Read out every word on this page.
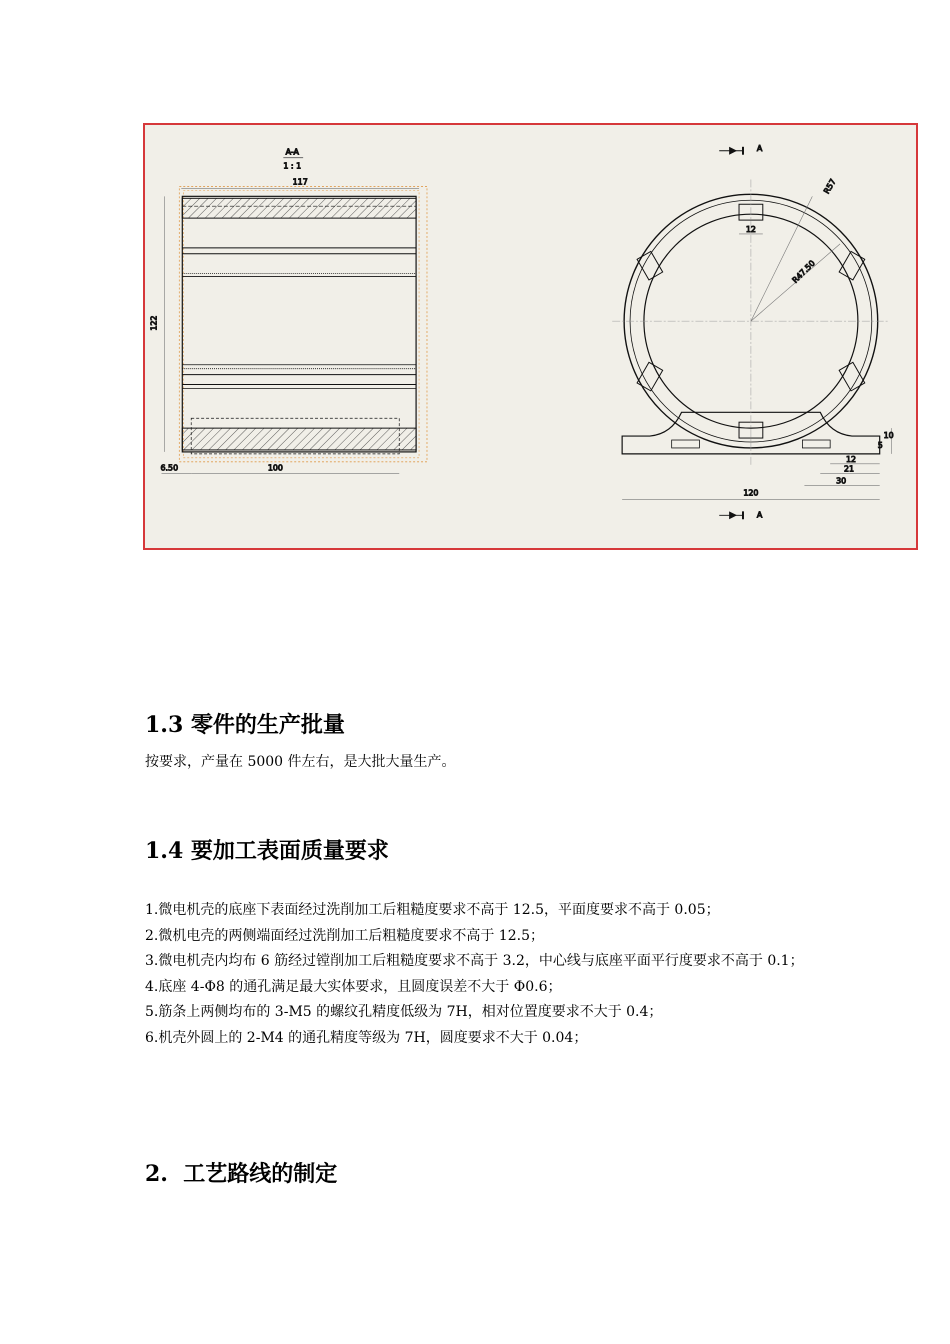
A-A
1 : 1
117
122
6.50	100
A
R57
R47.50
12
12
21
30
120
5
10
A
1.3 零件的生产批量

按要求，产量在 5000 件左右，是大批大量生产。

1.4 要加工表面质量要求
1.微电机壳的底座下表面经过洗削加工后粗糙度要求不高于 12.5，平面度要求不高于 0.05；
2.微机电壳的两侧端面经过洗削加工后粗糙度要求不高于 12.5；
3.微电机壳内均布 6 筋经过镗削加工后粗糙度要求不高于 3.2，中心线与底座平面平行度要求不高于 0.1；
4.底座 4-Φ8 的通孔满足最大实体要求，且圆度误差不大于 Φ0.6；
5.筋条上两侧均布的 3-M5 的螺纹孔精度低级为 7H，相对位置度要求不大于 0.4；
6.机壳外圆上的 2-M4 的通孔精度等级为 7H，圆度要求不大于 0.04；
2.  工艺路线的制定
